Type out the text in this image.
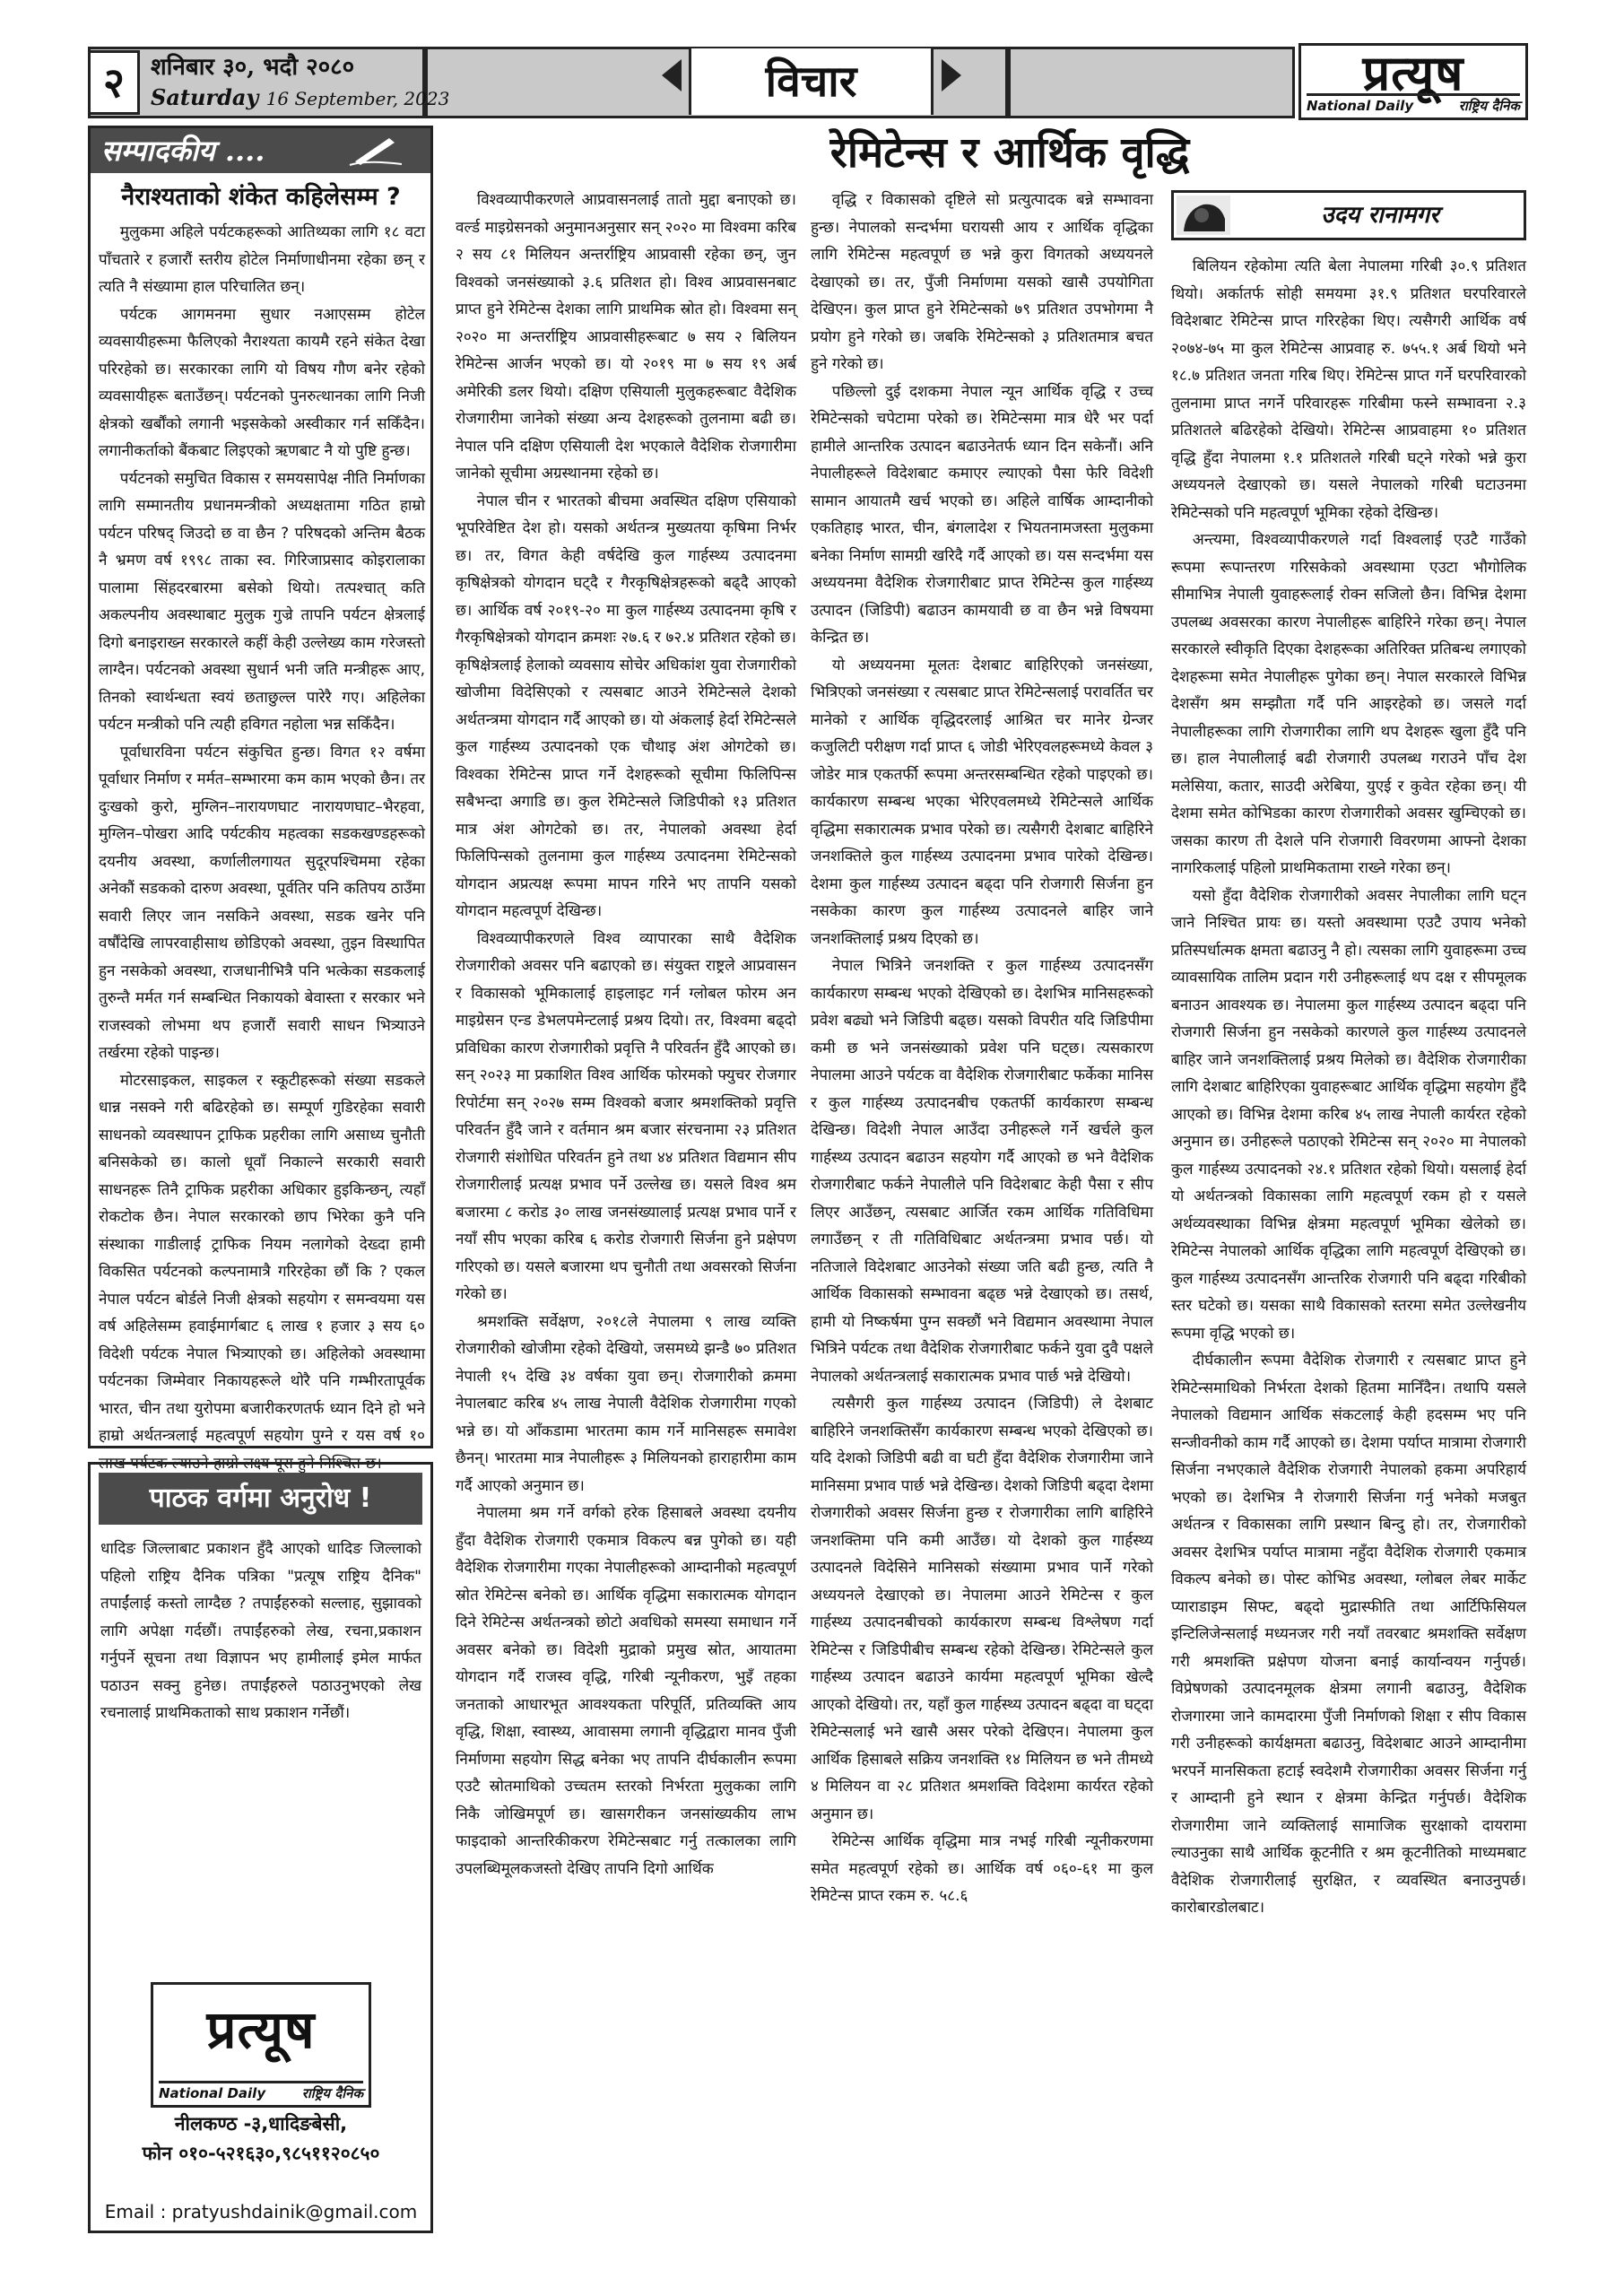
२	शनिबार ३०, भदौ २०८०
Saturday 16 September, 2023	विचार	प्रत्यूष
National Daily	राष्ट्रिय दैनिक
सम्पादकीय ....
नैराश्यताको शंकेत कहिलेसम्म ?

मुलुकमा अहिले पर्यटकहरूको आतिथ्यका लागि १८ वटा पाँचतारे र हजारौं स्तरीय होटेल निर्माणाधीनमा रहेका छन् र त्यति नै संख्यामा हाल परिचालित छन्।

पर्यटक आगमनमा सुधार नआएसम्म होटेल व्यवसायीहरूमा फैलिएको नैराश्यता कायमै रहने संकेत देखा परिरहेको छ। सरकारका लागि यो विषय गौण बनेर रहेको व्यवसायीहरू बताउँछन्। पर्यटनको पुनरुत्थानका लागि निजी क्षेत्रको खर्बौंको लगानी भइसकेको अस्वीकार गर्न सकिँदैन। लगानीकर्ताको बैंकबाट लिइएको ऋणबाट नै यो पुष्टि हुन्छ।

पर्यटनको समुचित विकास र समयसापेक्ष नीति निर्माणका लागि सम्मानतीय प्रधानमन्त्रीको अध्यक्षतामा गठित हाम्रो पर्यटन परिषद् जिउदो छ वा छैन ? परिषदको अन्तिम बैठक नै भ्रमण वर्ष १९९८ ताका स्व. गिरिजाप्रसाद कोइरालाका पालामा सिंहदरबारमा बसेको थियो। तत्पश्चात् कति अकल्पनीय अवस्थाबाट मुलुक गुज्रे तापनि पर्यटन क्षेत्रलाई दिगो बनाइराख्न सरकारले कहीं केही उल्लेख्य काम गरेजस्तो लाग्दैन। पर्यटनको अवस्था सुधार्न भनी जति मन्त्रीहरू आए, तिनको स्वार्थन्धता स्वयं छताछुल्ल पारेरै गए। अहिलेका पर्यटन मन्त्रीको पनि त्यही हविगत नहोला भन्न सकिँदैन।

पूर्वाधारविना पर्यटन संकुचित हुन्छ। विगत १२ वर्षमा पूर्वाधार निर्माण र मर्मत–सम्भारमा कम काम भएको छैन। तर दुःखको कुरो, मुग्लिन–नारायणघाट नारायणघाट–भैरहवा, मुग्लिन–पोखरा आदि पर्यटकीय महत्वका सडकखण्डहरूको दयनीय अवस्था, कर्णालीलगायत सुदूरपश्चिममा रहेका अनेकौं सडकको दारुण अवस्था, पूर्वतिर पनि कतिपय ठाउँमा सवारी लिएर जान नसकिने अवस्था, सडक खनेर पनि वर्षौंदेखि लापरवाहीसाथ छोडिएको अवस्था, तुइन विस्थापित हुन नसकेको अवस्था, राजधानीभित्रै पनि भत्केका सडकलाई तुरुन्तै मर्मत गर्न सम्बन्धित निकायको बेवास्ता र सरकार भने राजस्वको लोभमा थप हजारौं सवारी साधन भित्र्याउने तर्खरमा रहेको पाइन्छ।

मोटरसाइकल, साइकल र स्कूटीहरूको संख्या सडकले धान्न नसक्ने गरी बढिरहेको छ। सम्पूर्ण गुडिरहेका सवारी साधनको व्यवस्थापन ट्राफिक प्रहरीका लागि असाध्य चुनौती बनिसकेको छ। कालो धूवाँ निकाल्ने सरकारी सवारी साधनहरू तिनै ट्राफिक प्रहरीका अधिकार हुइकिन्छन्, त्यहाँ रोकटोक छैन। नेपाल सरकारको छाप भिरेका कुनै पनि संस्थाका गाडीलाई ट्राफिक नियम नलागेको देख्दा हामी विकसित पर्यटनको कल्पनामात्रै गरिरहेका छौं कि ? एकल नेपाल पर्यटन बोर्डले निजी क्षेत्रको सहयोग र समन्वयमा यस वर्ष अहिलेसम्म हवाईमार्गबाट ६ लाख १ हजार ३ सय ६० विदेशी पर्यटक नेपाल भित्र्याएको छ। अहिलेको अवस्थामा पर्यटनका जिम्मेवार निकायहरूले थोरै पनि गम्भीरतापूर्वक भारत, चीन तथा युरोपमा बजारीकरणतर्फ ध्यान दिने हो भने हाम्रो अर्थतन्त्रलाई महत्वपूर्ण सहयोग पुग्ने र यस वर्ष १० लाख पर्यटक ल्याउने हाम्रो लक्ष्य पूरा हुने निश्चित छ।

पाठक वर्गमा अनुरोध !

धादिङ जिल्लाबाट प्रकाशन हुँदै आएको धादिङ जिल्लाको पहिलो राष्ट्रिय दैनिक पत्रिका "प्रत्यूष राष्ट्रिय दैनिक" तपाईंलाई कस्तो लाग्दैछ ? तपाईंहरुको सल्लाह, सुझावको लागि अपेक्षा गर्दछौं। तपाईंहरुको लेख, रचना,प्रकाशन गर्नुपर्ने सूचना तथा विज्ञापन भए हामीलाई इमेल मार्फत पठाउन सक्नु हुनेछ। तपाईंहरुले पठाउनुभएको लेख रचनालाई प्राथमिकताको साथ प्रकाशन गर्नेछौं।

प्रत्यूष
National Daily	राष्ट्रिय दैनिक
नीलकण्ठ -३,धादिङबेसी,
फोन ०१०-५२१६३०,९८५११२०८५०
Email : pratyushdainik@gmail.com
रेमिटेन्स र आर्थिक वृद्धि

विश्वव्यापीकरणले आप्रवासनलाई तातो मुद्दा बनाएको छ। वर्ल्ड माइग्रेसनको अनुमानअनुसार सन् २०२० मा विश्वमा करिब २ सय ८१ मिलियन अन्तर्राष्ट्रिय आप्रवासी रहेका छन्, जुन विश्वको जनसंख्याको ३.६ प्रतिशत हो। विश्व आप्रवासनबाट प्राप्त हुने रेमिटेन्स देशका लागि प्राथमिक स्रोत हो। विश्वमा सन् २०२० मा अन्तर्राष्ट्रिय आप्रवासीहरूबाट ७ सय २ बिलियन रेमिटेन्स आर्जन भएको छ। यो २०१९ मा ७ सय १९ अर्ब अमेरिकी डलर थियो। दक्षिण एसियाली मुलुकहरूबाट वैदेशिक रोजगारीमा जानेको संख्या अन्य देशहरूको तुलनामा बढी छ। नेपाल पनि दक्षिण एसियाली देश भएकाले वैदेशिक रोजगारीमा जानेको सूचीमा अग्रस्थानमा रहेको छ।

नेपाल चीन र भारतको बीचमा अवस्थित दक्षिण एसियाको भूपरिवेष्टित देश हो। यसको अर्थतन्त्र मुख्यतया कृषिमा निर्भर छ। तर, विगत केही वर्षदेखि कुल गार्हस्थ्य उत्पादनमा कृषिक्षेत्रको योगदान घट्दै र गैरकृषिक्षेत्रहरूको बढ्दै आएको छ। आर्थिक वर्ष २०१९-२० मा कुल गार्हस्थ्य उत्पादनमा कृषि र गैरकृषिक्षेत्रको योगदान क्रमशः २७.६ र ७२.४ प्रतिशत रहेको छ। कृषिक्षेत्रलाई हेलाको व्यवसाय सोचेर अधिकांश युवा रोजगारीको खोजीमा विदेसिएको र त्यसबाट आउने रेमिटेन्सले देशको अर्थतन्त्रमा योगदान गर्दै आएको छ। यो अंकलाई हेर्दा रेमिटेन्सले कुल गार्हस्थ्य उत्पादनको एक चौथाइ अंश ओगटेको छ। विश्वका रेमिटेन्स प्राप्त गर्ने देशहरूको सूचीमा फिलिपिन्स सबैभन्दा अगाडि छ। कुल रेमिटेन्सले जिडिपीको १३ प्रतिशत मात्र अंश ओगटेको छ। तर, नेपालको अवस्था हेर्दा फिलिपिन्सको तुलनामा कुल गार्हस्थ्य उत्पादनमा रेमिटेन्सको योगदान अप्रत्यक्ष रूपमा मापन गरिने भए तापनि यसको योगदान महत्वपूर्ण देखिन्छ।

विश्वव्यापीकरणले विश्व व्यापारका साथै वैदेशिक रोजगारीको अवसर पनि बढाएको छ। संयुक्त राष्ट्रले आप्रवासन र विकासको भूमिकालाई हाइलाइट गर्न ग्लोबल फोरम अन माइग्रेसन एन्ड डेभलपमेन्टलाई प्रश्रय दियो। तर, विश्वमा बढ्दो प्रविधिका कारण रोजगारीको प्रवृत्ति नै परिवर्तन हुँदै आएको छ। सन् २०२३ मा प्रकाशित विश्व आर्थिक फोरमको फ्युचर रोजगार रिपोर्टमा सन् २०२७ सम्म विश्वको बजार श्रमशक्तिको प्रवृत्ति परिवर्तन हुँदै जाने र वर्तमान श्रम बजार संरचनामा २३ प्रतिशत रोजगारी संशोधित परिवर्तन हुने तथा ४४ प्रतिशत विद्यमान सीप रोजगारीलाई प्रत्यक्ष प्रभाव पर्ने उल्लेख छ। यसले विश्व श्रम बजारमा ८ करोड ३० लाख जनसंख्यालाई प्रत्यक्ष प्रभाव पार्ने र नयाँ सीप भएका करिब ६ करोड रोजगारी सिर्जना हुने प्रक्षेपण गरिएको छ। यसले बजारमा थप चुनौती तथा अवसरको सिर्जना गरेको छ।

श्रमशक्ति सर्वेक्षण, २०१८ले नेपालमा ९ लाख व्यक्ति रोजगारीको खोजीमा रहेको देखियो, जसमध्ये झन्डै ७० प्रतिशत नेपाली १५ देखि ३४ वर्षका युवा छन्। रोजगारीको क्रममा नेपालबाट करिब ४५ लाख नेपाली वैदेशिक रोजगारीमा गएको भन्ने छ। यो आँकडामा भारतमा काम गर्ने मानिसहरू समावेश छैनन्। भारतमा मात्र नेपालीहरू ३ मिलियनको हाराहारीमा काम गर्दै आएको अनुमान छ।

नेपालमा श्रम गर्ने वर्गको हरेक हिसाबले अवस्था दयनीय हुँदा वैदेशिक रोजगारी एकमात्र विकल्प बन्न पुगेको छ। यही वैदेशिक रोजगारीमा गएका नेपालीहरूको आम्दानीको महत्वपूर्ण स्रोत रेमिटेन्स बनेको छ। आर्थिक वृद्धिमा सकारात्मक योगदान दिने रेमिटेन्स अर्थतन्त्रको छोटो अवधिको समस्या समाधान गर्ने अवसर बनेको छ। विदेशी मुद्राको प्रमुख स्रोत, आयातमा योगदान गर्दै राजस्व वृद्धि, गरिबी न्यूनीकरण, भुइँ तहका जनताको आधारभूत आवश्यकता परिपूर्ति, प्रतिव्यक्ति आय वृद्धि, शिक्षा, स्वास्थ्य, आवासमा लगानी वृद्धिद्वारा मानव पुँजी निर्माणमा सहयोग सिद्ध बनेका भए तापनि दीर्घकालीन रूपमा एउटै स्रोतमाथिको उच्चतम स्तरको निर्भरता मुलुकका लागि निकै जोखिमपूर्ण छ। खासगरीकन जनसांख्यकीय लाभ फाइदाको आन्तरिकीकरण रेमिटेन्सबाट गर्नु तत्कालका लागि उपलब्धिमूलकजस्तो देखिए तापनि दिगो आर्थिक

वृद्धि र विकासको दृष्टिले सो प्रत्युत्पादक बन्ने सम्भावना हुन्छ। नेपालको सन्दर्भमा घरायसी आय र आर्थिक वृद्धिका लागि रेमिटेन्स महत्वपूर्ण छ भन्ने कुरा विगतको अध्ययनले देखाएको छ। तर, पुँजी निर्माणमा यसको खासै उपयोगिता देखिएन। कुल प्राप्त हुने रेमिटेन्सको ७९ प्रतिशत उपभोगमा नै प्रयोग हुने गरेको छ। जबकि रेमिटेन्सको ३ प्रतिशतमात्र बचत हुने गरेको छ।

पछिल्लो दुई दशकमा नेपाल न्यून आर्थिक वृद्धि र उच्च रेमिटेन्सको चपेटामा परेको छ। रेमिटेन्समा मात्र धेरै भर पर्दा हामीले आन्तरिक उत्पादन बढाउनेतर्फ ध्यान दिन सकेनौं। अनि नेपालीहरूले विदेशबाट कमाएर ल्याएको पैसा फेरि विदेशी सामान आयातमै खर्च भएको छ। अहिले वार्षिक आम्दानीको एकतिहाइ भारत, चीन, बंगलादेश र भियतनामजस्ता मुलुकमा बनेका निर्माण सामग्री खरिदै गर्दै आएको छ। यस सन्दर्भमा यस अध्ययनमा वैदेशिक रोजगारीबाट प्राप्त रेमिटेन्स कुल गार्हस्थ्य उत्पादन (जिडिपी) बढाउन कामयावी छ वा छैन भन्ने विषयमा केन्द्रित छ।

यो अध्ययनमा मूलतः देशबाट बाहिरिएको जनसंख्या, भित्रिएको जनसंख्या र त्यसबाट प्राप्त रेमिटेन्सलाई परावर्तित चर मानेको र आर्थिक वृद्धिदरलाई आश्रित चर मानेर ग्रेन्जर कजुलिटी परीक्षण गर्दा प्राप्त ६ जोडी भेरिएवलहरूमध्ये केवल ३ जोडेर मात्र एकतर्फी रूपमा अन्तरसम्बन्धित रहेको पाइएको छ। कार्यकारण सम्बन्ध भएका भेरिएवलमध्ये रेमिटेन्सले आर्थिक वृद्धिमा सकारात्मक प्रभाव परेको छ। त्यसैगरी देशबाट बाहिरिने जनशक्तिले कुल गार्हस्थ्य उत्पादनमा प्रभाव पारेको देखिन्छ। देशमा कुल गार्हस्थ्य उत्पादन बढ्दा पनि रोजगारी सिर्जना हुन नसकेका कारण कुल गार्हस्थ्य उत्पादनले बाहिर जाने जनशक्तिलाई प्रश्रय दिएको छ।

नेपाल भित्रिने जनशक्ति र कुल गार्हस्थ्य उत्पादनसँग कार्यकारण सम्बन्ध भएको देखिएको छ। देशभित्र मानिसहरूको प्रवेश बढ्यो भने जिडिपी बढ्छ। यसको विपरीत यदि जिडिपीमा कमी छ भने जनसंख्याको प्रवेश पनि घट्छ। त्यसकारण नेपालमा आउने पर्यटक वा वैदेशिक रोजगारीबाट फर्केका मानिस र कुल गार्हस्थ्य उत्पादनबीच एकतर्फी कार्यकारण सम्बन्ध देखिन्छ। विदेशी नेपाल आउँदा उनीहरूले गर्ने खर्चले कुल गार्हस्थ्य उत्पादन बढाउन सहयोग गर्दै आएको छ भने वैदेशिक रोजगारीबाट फर्कने नेपालीले पनि विदेशबाट केही पैसा र सीप लिएर आउँछन्, त्यसबाट आर्जित रकम आर्थिक गतिविधिमा लगाउँछन् र ती गतिविधिबाट अर्थतन्त्रमा प्रभाव पर्छ। यो नतिजाले विदेशबाट आउनेको संख्या जति बढी हुन्छ, त्यति नै आर्थिक विकासको सम्भावना बढ्छ भन्ने देखाएको छ। तसर्थ, हामी यो निष्कर्षमा पुग्न सक्छौं भने विद्यमान अवस्थामा नेपाल भित्रिने पर्यटक तथा वैदेशिक रोजगारीबाट फर्कने युवा दुवै पक्षले नेपालको अर्थतन्त्रलाई सकारात्मक प्रभाव पार्छ भन्ने देखियो।

त्यसैगरी कुल गार्हस्थ्य उत्पादन (जिडिपी) ले देशबाट बाहिरिने जनशक्तिसँग कार्यकारण सम्बन्ध भएको देखिएको छ। यदि देशको जिडिपी बढी वा घटी हुँदा वैदेशिक रोजगारीमा जाने मानिसमा प्रभाव पार्छ भन्ने देखिन्छ। देशको जिडिपी बढ्दा देशमा रोजगारीको अवसर सिर्जना हुन्छ र रोजगारीका लागि बाहिरिने जनशक्तिमा पनि कमी आउँछ। यो देशको कुल गार्हस्थ्य उत्पादनले विदेसिने मानिसको संख्यामा प्रभाव पार्ने गरेको अध्ययनले देखाएको छ। नेपालमा आउने रेमिटेन्स र कुल गार्हस्थ्य उत्पादनबीचको कार्यकारण सम्बन्ध विश्लेषण गर्दा रेमिटेन्स र जिडिपीबीच सम्बन्ध रहेको देखिन्छ। रेमिटेन्सले कुल गार्हस्थ्य उत्पादन बढाउने कार्यमा महत्वपूर्ण भूमिका खेल्दै आएको देखियो। तर, यहाँ कुल गार्हस्थ्य उत्पादन बढ्दा वा घट्दा रेमिटेन्सलाई भने खासै असर परेको देखिएन। नेपालमा कुल आर्थिक हिसाबले सक्रिय जनशक्ति १४ मिलियन छ भने तीमध्ये ४ मिलियन वा २८ प्रतिशत श्रमशक्ति विदेशमा कार्यरत रहेको अनुमान छ।

रेमिटेन्स आर्थिक वृद्धिमा मात्र नभई गरिबी न्यूनीकरणमा समेत महत्वपूर्ण रहेको छ। आर्थिक वर्ष ०६०-६१ मा कुल रेमिटेन्स प्राप्त रकम रु. ५८.६

उदय रानामगर

बिलियन रहेकोमा त्यति बेला नेपालमा गरिबी ३०.९ प्रतिशत थियो। अर्कातर्फ सोही समयमा ३१.९ प्रतिशत घरपरिवारले विदेशबाट रेमिटेन्स प्राप्त गरिरहेका थिए। त्यसैगरी आर्थिक वर्ष २०७४-७५ मा कुल रेमिटेन्स आप्रवाह रु. ७५५.१ अर्ब थियो भने १८.७ प्रतिशत जनता गरिब थिए। रेमिटेन्स प्राप्त गर्ने घरपरिवारको तुलनामा प्राप्त नगर्ने परिवारहरू गरिबीमा फस्ने सम्भावना २.३ प्रतिशतले बढिरहेको देखियो। रेमिटेन्स आप्रवाहमा १० प्रतिशत वृद्धि हुँदा नेपालमा १.१ प्रतिशतले गरिबी घट्ने गरेको भन्ने कुरा अध्ययनले देखाएको छ। यसले नेपालको गरिबी घटाउनमा रेमिटेन्सको पनि महत्वपूर्ण भूमिका रहेको देखिन्छ।

अन्त्यमा, विश्वव्यापीकरणले गर्दा विश्वलाई एउटै गाउँको रूपमा रूपान्तरण गरिसकेको अवस्थामा एउटा भौगोलिक सीमाभित्र नेपाली युवाहरूलाई रोक्न सजिलो छैन। विभिन्न देशमा उपलब्ध अवसरका कारण नेपालीहरू बाहिरिने गरेका छन्। नेपाल सरकारले स्वीकृति दिएका देशहरूका अतिरिक्त प्रतिबन्ध लगाएको देशहरूमा समेत नेपालीहरू पुगेका छन्। नेपाल सरकारले विभिन्न देशसँग श्रम सम्झौता गर्दै पनि आइरहेको छ। जसले गर्दा नेपालीहरूका लागि रोजगारीका लागि थप देशहरू खुला हुँदै पनि छ। हाल नेपालीलाई बढी रोजगारी उपलब्ध गराउने पाँच देश मलेसिया, कतार, साउदी अरेबिया, युएई र कुवेत रहेका छन्। यी देशमा समेत कोभिडका कारण रोजगारीको अवसर खुम्चिएको छ। जसका कारण ती देशले पनि रोजगारी विवरणमा आफ्नो देशका नागरिकलाई पहिलो प्राथमिकतामा राख्ने गरेका छन्।

यसो हुँदा वैदेशिक रोजगारीको अवसर नेपालीका लागि घट्न जाने निश्चित प्रायः छ। यस्तो अवस्थामा एउटै उपाय भनेको प्रतिस्पर्धात्मक क्षमता बढाउनु नै हो। त्यसका लागि युवाहरूमा उच्च व्यावसायिक तालिम प्रदान गरी उनीहरूलाई थप दक्ष र सीपमूलक बनाउन आवश्यक छ। नेपालमा कुल गार्हस्थ्य उत्पादन बढ्दा पनि रोजगारी सिर्जना हुन नसकेको कारणले कुल गार्हस्थ्य उत्पादनले बाहिर जाने जनशक्तिलाई प्रश्रय मिलेको छ। वैदेशिक रोजगारीका लागि देशबाट बाहिरिएका युवाहरूबाट आर्थिक वृद्धिमा सहयोग हुँदै आएको छ। विभिन्न देशमा करिब ४५ लाख नेपाली कार्यरत रहेको अनुमान छ। उनीहरूले पठाएको रेमिटेन्स सन् २०२० मा नेपालको कुल गार्हस्थ्य उत्पादनको २४.१ प्रतिशत रहेको थियो। यसलाई हेर्दा यो अर्थतन्त्रको विकासका लागि महत्वपूर्ण रकम हो र यसले अर्थव्यवस्थाका विभिन्न क्षेत्रमा महत्वपूर्ण भूमिका खेलेको छ। रेमिटेन्स नेपालको आर्थिक वृद्धिका लागि महत्वपूर्ण देखिएको छ। कुल गार्हस्थ्य उत्पादनसँग आन्तरिक रोजगारी पनि बढ्दा गरिबीको स्तर घटेको छ। यसका साथै विकासको स्तरमा समेत उल्लेखनीय रूपमा वृद्धि भएको छ।

दीर्घकालीन रूपमा वैदेशिक रोजगारी र त्यसबाट प्राप्त हुने रेमिटेन्समाथिको निर्भरता देशको हितमा मानिँदैन। तथापि यसले नेपालको विद्यमान आर्थिक संकटलाई केही हदसम्म भए पनि सन्जीवनीको काम गर्दै आएको छ। देशमा पर्याप्त मात्रामा रोजगारी सिर्जना नभएकाले वैदेशिक रोजगारी नेपालको हकमा अपरिहार्य भएको छ। देशभित्र नै रोजगारी सिर्जना गर्नु भनेको मजबुत अर्थतन्त्र र विकासका लागि प्रस्थान बिन्दु हो। तर, रोजगारीको अवसर देशभित्र पर्याप्त मात्रामा नहुँदा वैदेशिक रोजगारी एकमात्र विकल्प बनेको छ। पोस्ट कोभिड अवस्था, ग्लोबल लेबर मार्केट प्याराडाइम सिफ्ट, बढ्दो मुद्रास्फीति तथा आर्टिफिसियल इन्टिलिजेन्सलाई मध्यनजर गरी नयाँ तवरबाट श्रमशक्ति सर्वेक्षण गरी श्रमशक्ति प्रक्षेपण योजना बनाई कार्यान्वयन गर्नुपर्छ। विप्रेषणको उत्पादनमूलक क्षेत्रमा लगानी बढाउनु, वैदेशिक रोजगारमा जाने कामदारमा पुँजी निर्माणको शिक्षा र सीप विकास गरी उनीहरूको कार्यक्षमता बढाउनु, विदेशबाट आउने आम्दानीमा भरपर्ने मानसिकता हटाई स्वदेशमै रोजगारीका अवसर सिर्जना गर्नु र आम्दानी हुने स्थान र क्षेत्रमा केन्द्रित गर्नुपर्छ। वैदेशिक रोजगारीमा जाने व्यक्तिलाई सामाजिक सुरक्षाको दायरामा ल्याउनुका साथै आर्थिक कूटनीति र श्रम कूटनीतिको माध्यमबाट वैदेशिक रोजगारीलाई सुरक्षित, र व्यवस्थित बनाउनुपर्छ। कारोबारडोलबाट।
